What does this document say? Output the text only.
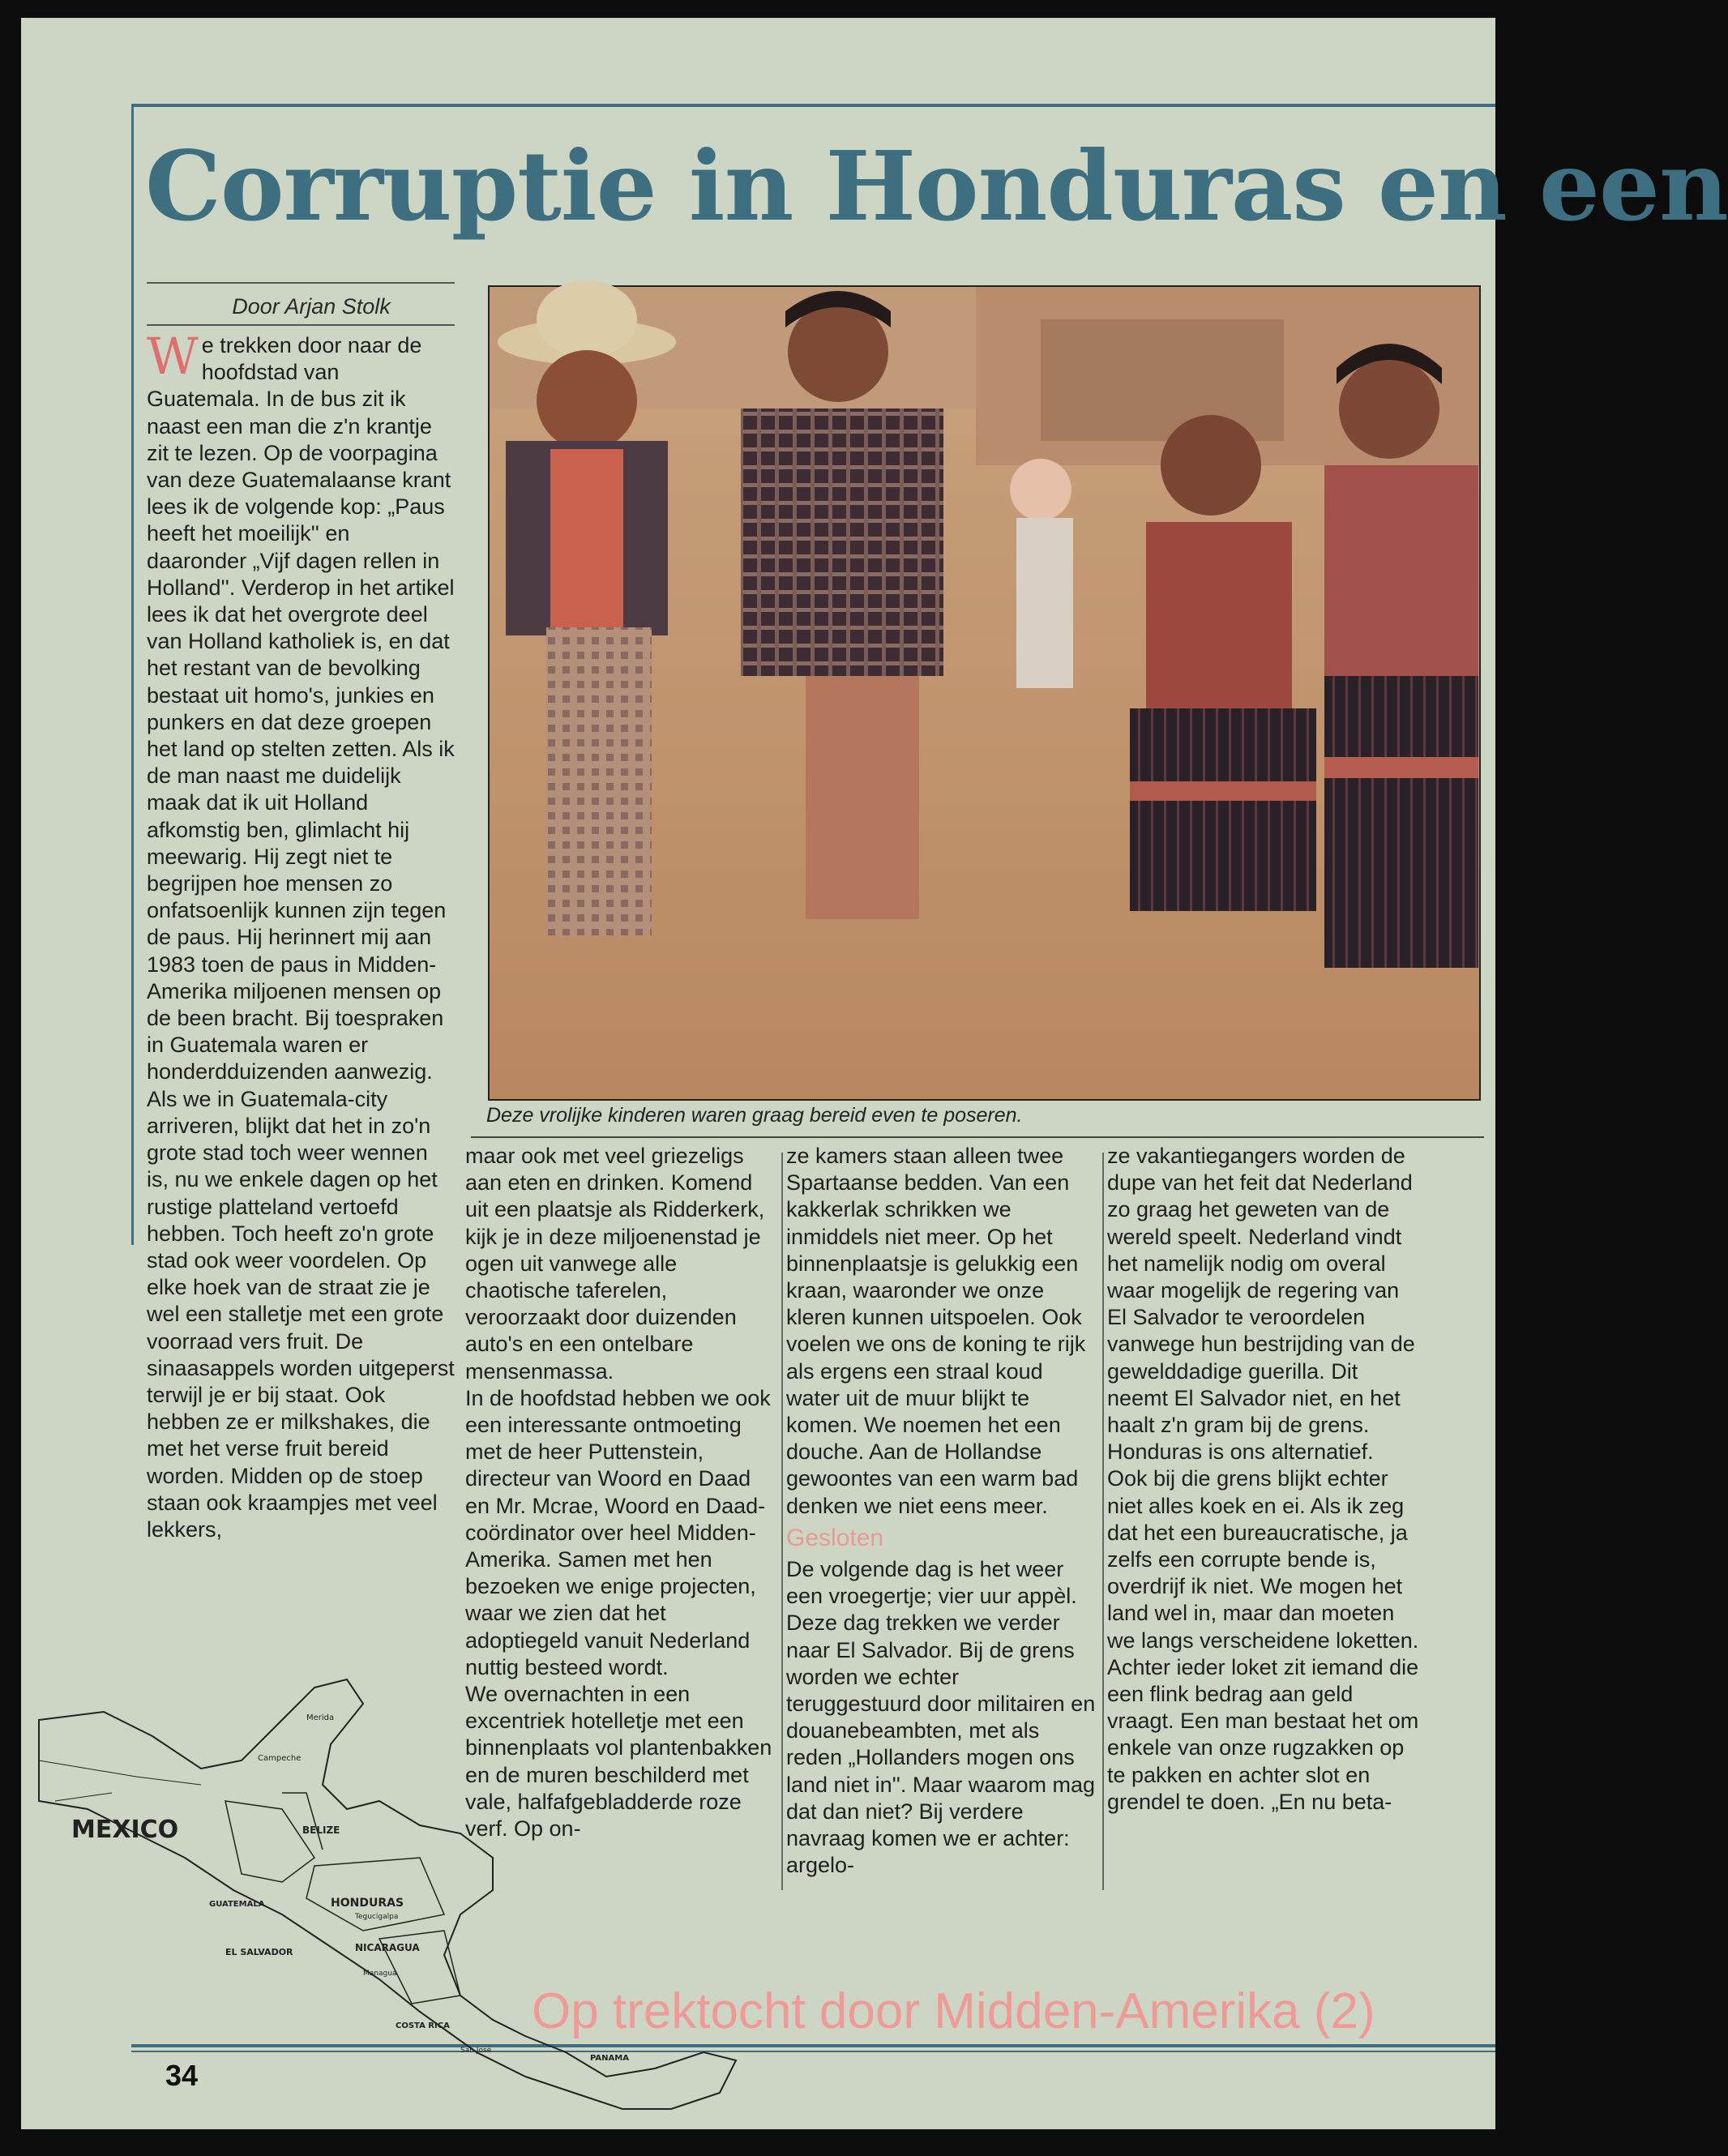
Corruptie in Honduras en een
Door Arjan Stolk

We trekken door naar de hoofdstad van Guatemala. In de bus zit ik naast een man die z'n krantje zit te lezen. Op de voorpagina van deze Guatemalaanse krant lees ik de volgende kop: „Paus heeft het moeilijk'' en daaronder „Vijf dagen rellen in Holland''. Verderop in het artikel lees ik dat het overgrote deel van Holland katholiek is, en dat het restant van de bevolking bestaat uit homo's, junkies en punkers en dat deze groepen het land op stelten zetten. Als ik de man naast me duidelijk maak dat ik uit Holland afkomstig ben, glimlacht hij meewarig. Hij zegt niet te begrijpen hoe mensen zo onfatsoenlijk kunnen zijn tegen de paus. Hij herinnert mij aan 1983 toen de paus in Midden-Amerika miljoenen mensen op de been bracht. Bij toespraken in Guatemala waren er honderdduizenden aanwezig.

Als we in Guatemala-city arriveren, blijkt dat het in zo'n grote stad toch weer wennen is, nu we enkele dagen op het rustige platteland vertoefd hebben. Toch heeft zo'n grote stad ook weer voordelen. Op elke hoek van de straat zie je wel een stalletje met een grote voorraad vers fruit. De sinaasappels worden uitgeperst terwijl je er bij staat. Ook hebben ze er milkshakes, die met het verse fruit bereid worden. Midden op de stoep staan ook kraampjes met veel lekkers,

Deze vrolijke kinderen waren graag bereid even te poseren.

maar ook met veel griezeligs aan eten en drinken. Komend uit een plaatsje als Ridderkerk, kijk je in deze miljoenenstad je ogen uit vanwege alle chaotische taferelen, veroorzaakt door duizenden auto's en een ontelbare mensenmassa.

In de hoofdstad hebben we ook een interessante ontmoeting met de heer Puttenstein, directeur van Woord en Daad en Mr. Mcrae, Woord en Daad-coördinator over heel Midden-Amerika. Samen met hen bezoeken we enige projecten, waar we zien dat het adoptiegeld vanuit Nederland nuttig besteed wordt.

We overnachten in een excentriek hotelletje met een binnenplaats vol plantenbakken en de muren beschilderd met vale, halfafgebladderde roze verf. Op on-

ze kamers staan alleen twee Spartaanse bedden. Van een kakkerlak schrikken we inmiddels niet meer. Op het binnenplaatsje is gelukkig een kraan, waaronder we onze kleren kunnen uitspoelen. Ook voelen we ons de koning te rijk als ergens een straal koud water uit de muur blijkt te komen. We noemen het een douche. Aan de Hollandse gewoontes van een warm bad denken we niet eens meer.

Gesloten

De volgende dag is het weer een vroegertje; vier uur appèl. Deze dag trekken we verder naar El Salvador. Bij de grens worden we echter teruggestuurd door militairen en douanebeambten, met als reden „Hollanders mogen ons land niet in''. Maar waarom mag dat dan niet? Bij verdere navraag komen we er achter: argelo-

ze vakantiegangers worden de dupe van het feit dat Nederland zo graag het geweten van de wereld speelt. Nederland vindt het namelijk nodig om overal waar mogelijk de regering van El Salvador te veroordelen vanwege hun bestrijding van de gewelddadige guerilla. Dit neemt El Salvador niet, en het haalt z'n gram bij de grens.

Honduras is ons alternatief. Ook bij die grens blijkt echter niet alles koek en ei. Als ik zeg dat het een bureaucratische, ja zelfs een corrupte bende is, overdrijf ik niet. We mogen het land wel in, maar dan moeten we langs verscheidene loketten. Achter ieder loket zit iemand die een flink bedrag aan geld vraagt. Een man bestaat het om enkele van onze rugzakken op te pakken en achter slot en grendel te doen. „En nu beta-

Op trektocht door Midden-Amerika (2)
34
MEXICO	BELIZE
HONDURAS
GUATEMALA
EL SALVADOR	NICARAGUA
COSTA RICA
PANAMA
Merida
Campeche
Tegucigalpa
Managua
San José
